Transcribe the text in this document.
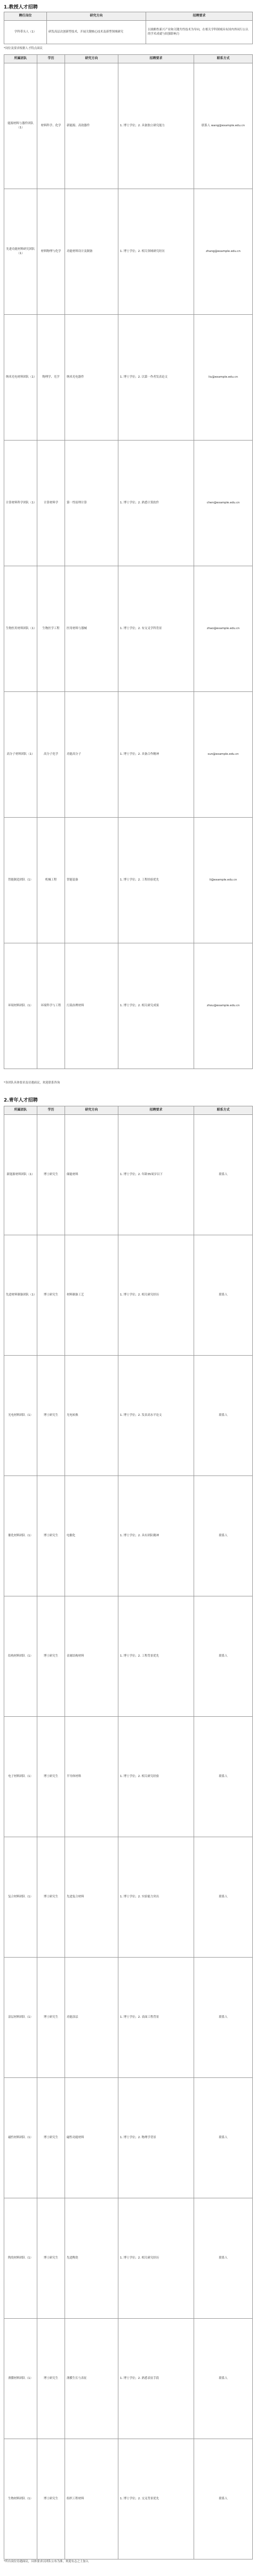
1.教授人才招聘
聘任岗位	研究方向	招聘要求
学科带头人（1）	研发高层次创新型技术，开展关键核心技术及新型领域研究	以战略性新兴产业和关键共性技术为导向，在相关学科领域具有国内外同行公认的学术成就与较强影响力
*岗位及要求根据人才特点面议
所属团队	学历	研究方向	招聘要求	联系方式
能源材料与器件团队（1）	材料科学、化学	新能源、高效器件	1. 博士学位；2. 具备独立研究能力	联系人 wang@example.edu.cn
先进功能材料研究团队（1）	材料物理与化学	功能材料设计及制备	1. 博士学位；2. 相关领域研究经历	zhang@example.edu.cn
纳米光电材料团队（1）	物理学、光学	纳米光电器件	1. 博士学位；2. 以第一作者发表论文	liu@example.edu.cn
计算材料科学团队（1）	计算材料学	第一性原理计算	1. 博士学位；2. 熟悉计算软件	chen@example.edu.cn
生物医用材料团队（1）	生物医学工程	医用材料与器械	1. 博士学位；2. 有交叉学科背景	zhao@example.edu.cn
高分子材料团队（1）	高分子化学	功能高分子	1. 博士学位；2. 具备合作精神	sun@example.edu.cn
智能制造团队（1）	机械工程	智能装备	1. 博士学位；2. 工程经验优先	li@example.edu.cn
环境材料团队（1）	环境科学与工程	污染治理材料	1. 博士学位；2. 相关研究成果	zhou@example.edu.cn
*各团队具体要求及待遇面议，欢迎联系咨询
2.青年人才招聘
所属团队	学历	研究方向	招聘要求	联系方式
新能源材料团队（1）	博士研究生	储能材料	1. 博士学位；2. 年龄35周岁以下	联系人
先进材料制备团队（1）	博士研究生	材料制备工艺	1. 博士学位；2. 相关研究经历	联系人
光电材料团队（1）	博士研究生	光电转换	1. 博士学位；2. 发表高水平论文	联系人
催化材料团队（1）	博士研究生	电催化	1. 博士学位；2. 具有团队精神	联系人
结构材料团队（1）	博士研究生	金属结构材料	1. 博士学位；2. 工程背景优先	联系人
电子材料团队（1）	博士研究生	半导体材料	1. 博士学位；2. 相关研究经验	联系人
复合材料团队（1）	博士研究生	先进复合材料	1. 博士学位；2. 实验能力突出	联系人
涂层材料团队（1）	博士研究生	功能涂层	1. 博士学位；2. 表面工程背景	联系人
磁性材料团队（1）	博士研究生	磁性功能材料	1. 博士学位；2. 物理学背景	联系人
陶瓷材料团队（1）	博士研究生	先进陶瓷	1. 博士学位；2. 相关研究经历	联系人
薄膜材料团队（1）	博士研究生	薄膜生长与表征	1. 博士学位；2. 熟悉表征手段	联系人
生物材料团队（1）	博士研究生	组织工程材料	1. 博士学位；2. 交叉背景优先	联系人
*所有岗位待遇面议，具体要求以团队公布为准，欢迎有志之士加入
